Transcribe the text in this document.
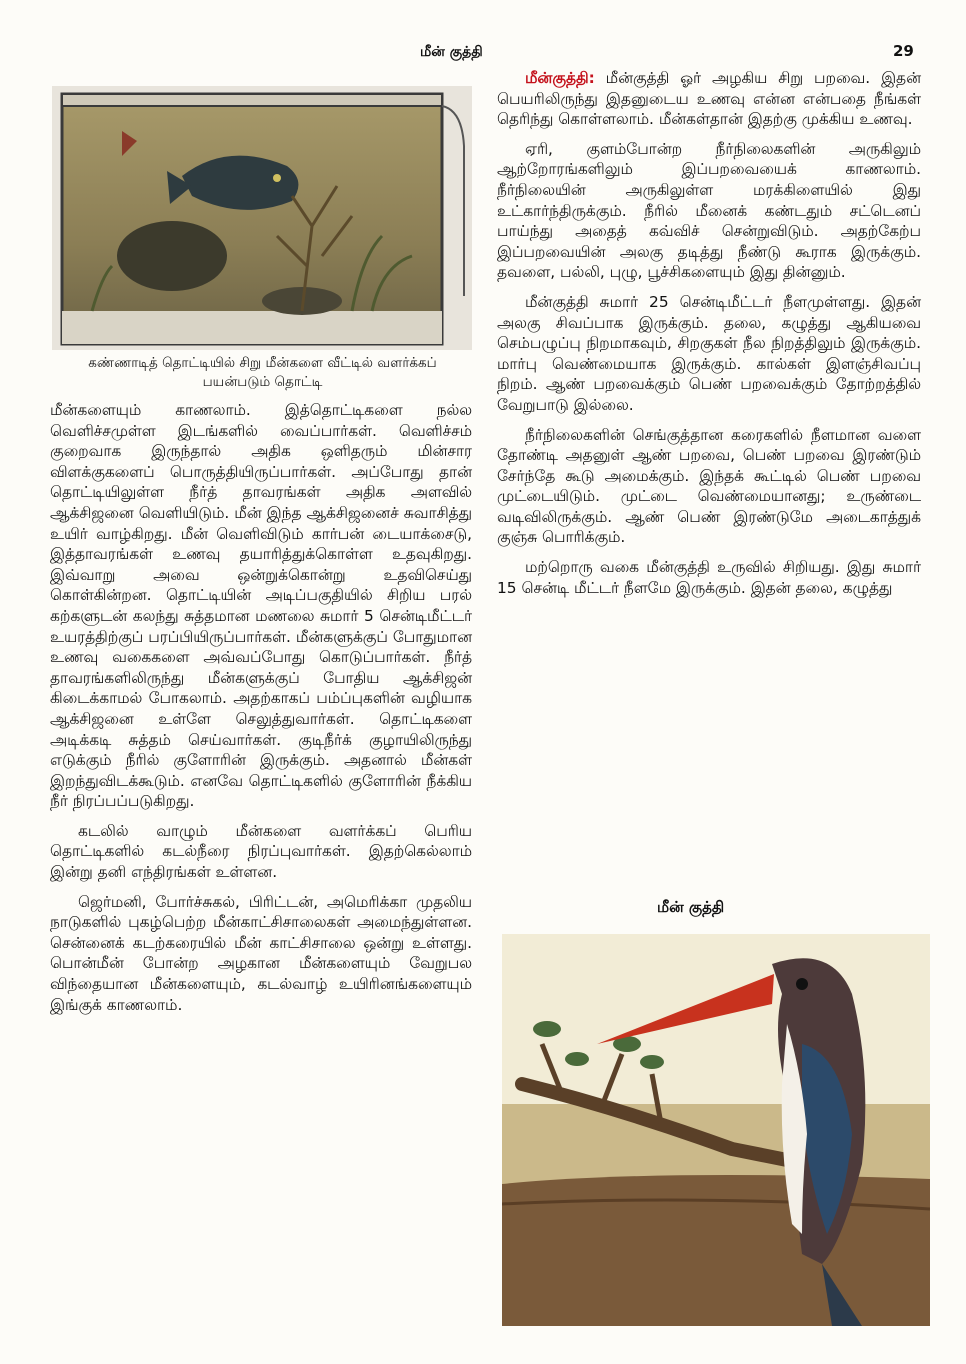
மீன் குத்தி	29
கண்ணாடித் தொட்டியில் சிறு மீன்களை வீட்டில் வளர்க்கப்
பயன்படும் தொட்டி

மீன்களையும் காணலாம். இத்தொட்டிகளை நல்ல வெளிச்சமுள்ள இடங்களில் வைப்பார்கள். வெளிச்சம் குறைவாக இருந்தால் அதிக ஒளிதரும் மின்சார விளக்குகளைப் பொருத்தியிருப்பார்கள். அப்போது தான் தொட்டியிலுள்ள நீர்த் தாவரங்கள் அதிக அளவில் ஆக்சிஜனை வெளியிடும். மீன் இந்த ஆக்சிஜனைச் சுவாசித்து உயிர் வாழ்கிறது. மீன் வெளிவிடும் கார்பன் டையாக்சைடு, இத்தாவரங்கள் உணவு தயாரித்துக்கொள்ள உதவுகிறது. இவ்வாறு அவை ஒன்றுக்கொன்று உதவிசெய்து கொள்கின்றன. தொட்டியின் அடிப்பகுதியில் சிறிய பரல் கற்களுடன் கலந்து சுத்தமான மணலை சுமார் 5 சென்டிமீட்டர் உயரத்திற்குப் பரப்பியிருப்பார்கள். மீன்களுக்குப் போதுமான உணவு வகைகளை அவ்வப்போது கொடுப்பார்கள். நீர்த் தாவரங்களிலிருந்து மீன்களுக்குப் போதிய ஆக்சிஜன் கிடைக்காமல் போகலாம். அதற்காகப் பம்ப்புகளின் வழியாக ஆக்சிஜனை உள்ளே செலுத்துவார்கள். தொட்டிகளை அடிக்கடி சுத்தம் செய்வார்கள். குடிநீர்க் குழாயிலிருந்து எடுக்கும் நீரில் குளோரின் இருக்கும். அதனால் மீன்கள் இறந்துவிடக்கூடும். எனவே தொட்டிகளில் குளோரின் நீக்கிய நீர் நிரப்பப்படுகிறது.

கடலில் வாழும் மீன்களை வளர்க்கப் பெரிய தொட்டிகளில் கடல்நீரை நிரப்புவார்கள். இதற்கெல்லாம் இன்று தனி எந்திரங்கள் உள்ளன.

ஜெர்மனி, போர்ச்சுகல், பிரிட்டன், அமெரிக்கா முதலிய நாடுகளில் புகழ்பெற்ற மீன்காட்சிசாலைகள் அமைந்துள்ளன. சென்னைக் கடற்கரையில் மீன் காட்சிசாலை ஒன்று உள்ளது. பொன்மீன் போன்ற அழகான மீன்களையும் வேறுபல விந்தையான மீன்களையும், கடல்வாழ் உயிரினங்களையும் இங்குக் காணலாம்.

மீன்குத்தி: மீன்குத்தி ஓர் அழகிய சிறு பறவை. இதன் பெயரிலிருந்து இதனுடைய உணவு என்ன என்பதை நீங்கள் தெரிந்து கொள்ளலாம். மீன்கள்தான் இதற்கு முக்கிய உணவு.

ஏரி, குளம்போன்ற நீர்நிலைகளின் அருகிலும் ஆற்றோரங்களிலும் இப்பறவையைக் காணலாம். நீர்நிலையின் அருகிலுள்ள மரக்கிளையில் இது உட்கார்ந்திருக்கும். நீரில் மீனைக் கண்டதும் சட்டெனப் பாய்ந்து அதைத் கவ்விச் சென்றுவிடும். அதற்கேற்ப இப்பறவையின் அலகு தடித்து நீண்டு கூராக இருக்கும். தவளை, பல்லி, புழு, பூச்சிகளையும் இது தின்னும்.

மீன்குத்தி சுமார் 25 சென்டிமீட்டர் நீளமுள்ளது. இதன் அலகு சிவப்பாக இருக்கும். தலை, கழுத்து ஆகியவை செம்பழுப்பு நிறமாகவும், சிறகுகள் நீல நிறத்திலும் இருக்கும். மார்பு வெண்மையாக இருக்கும். கால்கள் இளஞ்சிவப்பு நிறம். ஆண் பறவைக்கும் பெண் பறவைக்கும் தோற்றத்தில் வேறுபாடு இல்லை.

நீர்நிலைகளின் செங்குத்தான கரைகளில் நீளமான வளை தோண்டி அதனுள் ஆண் பறவை, பெண் பறவை இரண்டும் சேர்ந்தே கூடு அமைக்கும். இந்தக் கூட்டில் பெண் பறவை முட்டையிடும். முட்டை வெண்மையானது; உருண்டை வடிவிலிருக்கும். ஆண் பெண் இரண்டுமே அடைகாத்துக் குஞ்சு பொரிக்கும்.

மற்றொரு வகை மீன்குத்தி உருவில் சிறியது. இது சுமார் 15 சென்டி மீட்டர் நீளமே இருக்கும். இதன் தலை, கழுத்து

மீன் குத்தி
